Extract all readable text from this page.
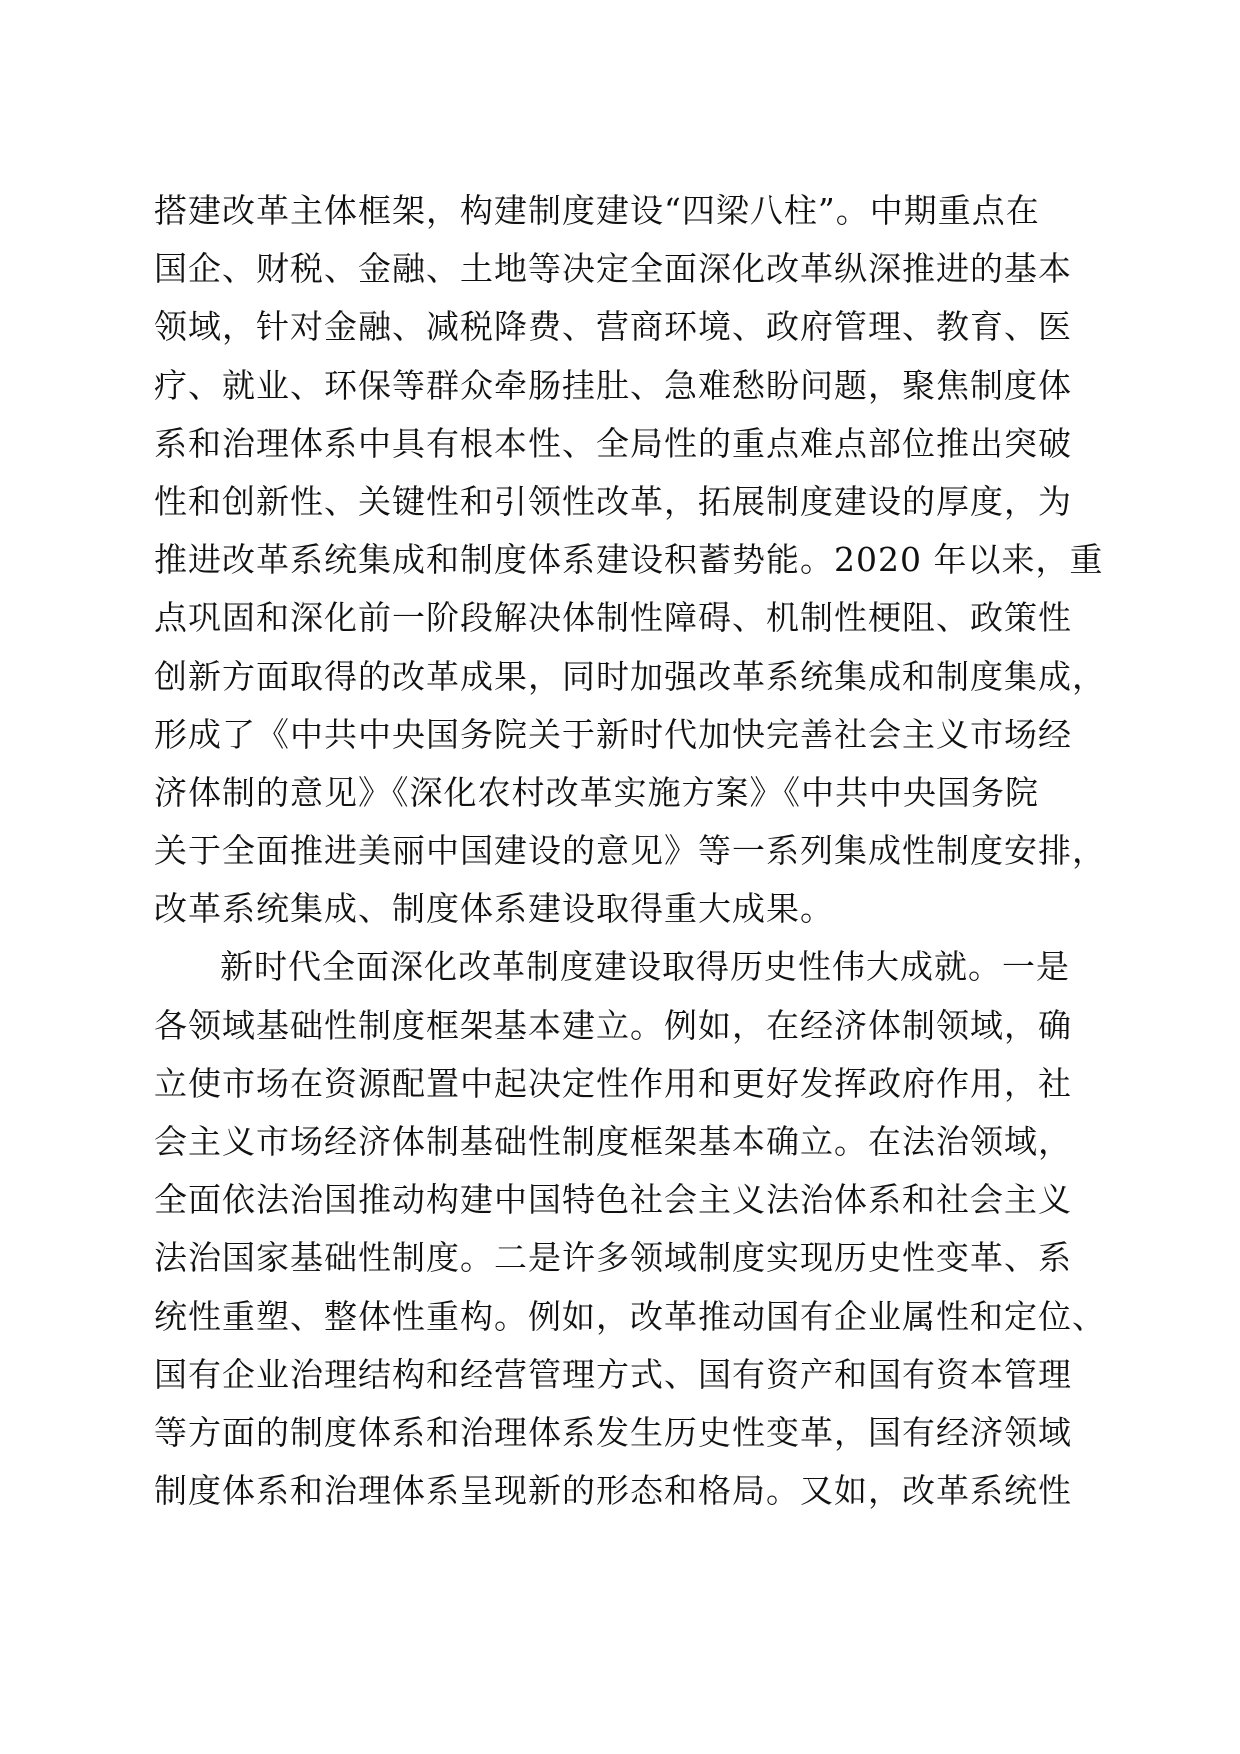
搭建改革主体框架，构建制度建设“四梁八柱”。中期重点在
国企、财税、金融、土地等决定全面深化改革纵深推进的基本
领域，针对金融、减税降费、营商环境、政府管理、教育、医
疗、就业、环保等群众牵肠挂肚、急难愁盼问题，聚焦制度体
系和治理体系中具有根本性、全局性的重点难点部位推出突破
性和创新性、关键性和引领性改革，拓展制度建设的厚度，为
推进改革系统集成和制度体系建设积蓄势能。2020 年以来，重
点巩固和深化前一阶段解决体制性障碍、机制性梗阻、政策性
创新方面取得的改革成果，同时加强改革系统集成和制度集成，
形成了《中共中央国务院关于新时代加快完善社会主义市场经
济体制的意见》《深化农村改革实施方案》《中共中央国务院
关于全面推进美丽中国建设的意见》等一系列集成性制度安排，
改革系统集成、制度体系建设取得重大成果。
新时代全面深化改革制度建设取得历史性伟大成就。一是
各领域基础性制度框架基本建立。例如，在经济体制领域，确
立使市场在资源配置中起决定性作用和更好发挥政府作用，社
会主义市场经济体制基础性制度框架基本确立。在法治领域，
全面依法治国推动构建中国特色社会主义法治体系和社会主义
法治国家基础性制度。二是许多领域制度实现历史性变革、系
统性重塑、整体性重构。例如，改革推动国有企业属性和定位、
国有企业治理结构和经营管理方式、国有资产和国有资本管理
等方面的制度体系和治理体系发生历史性变革，国有经济领域
制度体系和治理体系呈现新的形态和格局。又如，改革系统性
